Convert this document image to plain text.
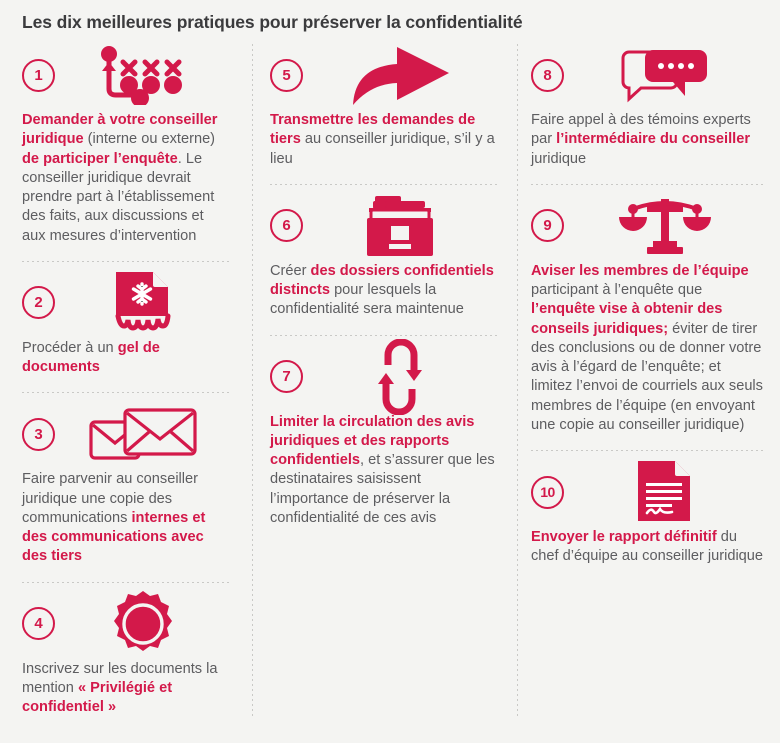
Les dix meilleures pratiques pour préserver la confidentialité
1
Demander à votre conseiller juridique (interne ou externe) de participer l’enquête. Le conseiller juridique devrait prendre part à l’établissement des faits, aux discussions et aux mesures d’intervention
2
Procéder à un gel de documents
3
Faire parvenir au conseiller juridique une copie des communications internes et des communications avec des tiers
4
Inscrivez sur les documents la mention « Privilégié et confidentiel »
5
Transmettre les demandes de tiers au conseiller juridique, s’il y a lieu
6
Créer des dossiers confidentiels distincts pour lesquels la confidentialité sera maintenue
7
Limiter la circulation des avis juridiques et des rapports confidentiels, et s’assurer que les destinataires saisissent l’importance de préserver la confidentialité de ces avis
8
Faire appel à des témoins experts par l’intermédiaire du conseiller juridique
9
Aviser les membres de l’équipe participant à l’enquête que l’enquête vise à obtenir des conseils juridiques; éviter de tirer des conclusions ou de donner votre avis à l’égard de l’enquête; et limitez l’envoi de courriels aux seuls membres de l’équipe (en envoyant une copie au conseiller juridique)
10
Envoyer le rapport définitif du chef d’équipe au conseiller juridique
